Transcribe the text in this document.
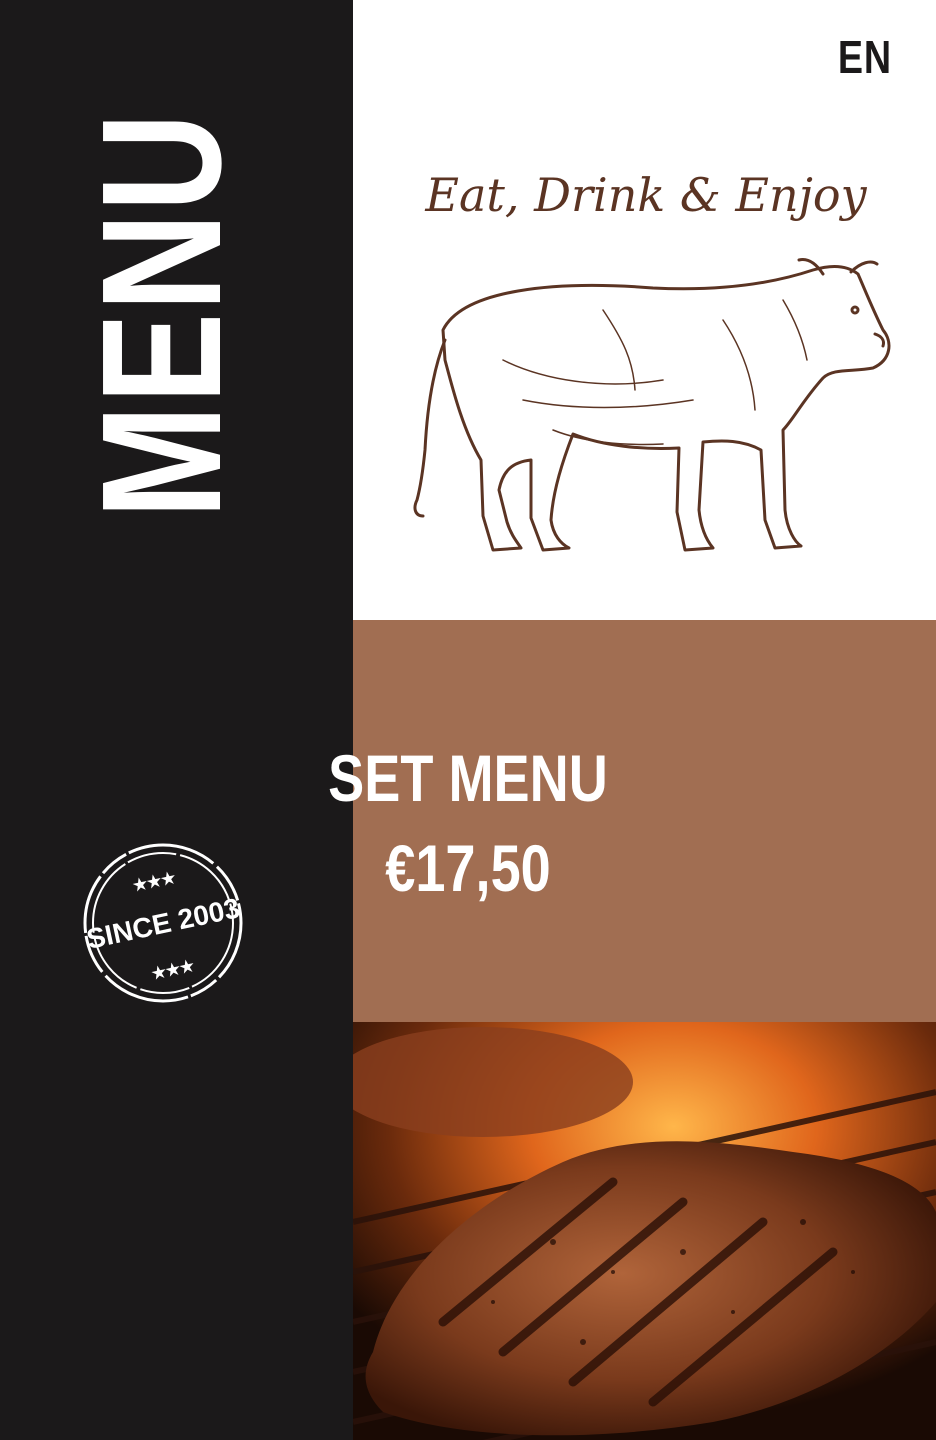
MENU
★★★
SINCE 2003
★★★
EN
Eat, Drink & Enjoy
SET MENU
€17,50
